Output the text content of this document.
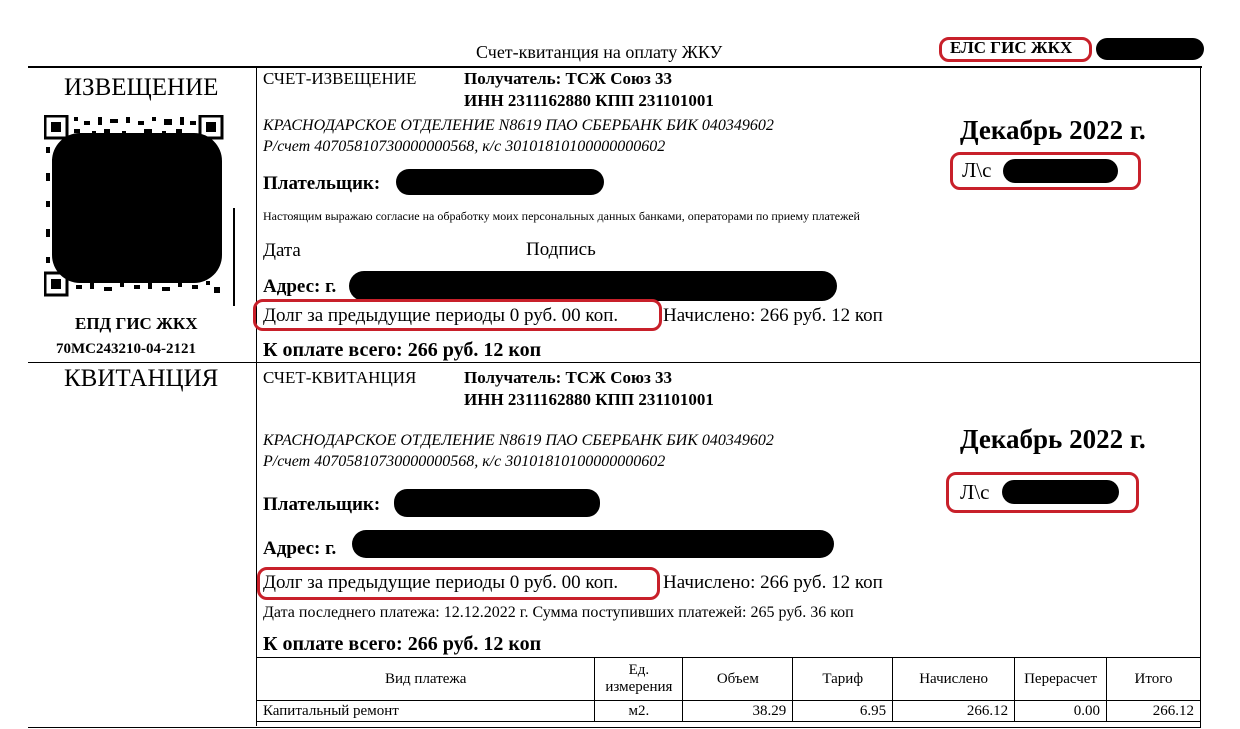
Счет-квитанция на оплату ЖКУ	ЕЛС ГИС ЖКХ
ИЗВЕЩЕНИЕ
ЕПД ГИС ЖКХ
70МС243210-04-2121
КВИТАНЦИЯ
СЧЕТ-ИЗВЕЩЕНИЕ	Получатель: ТСЖ Союз 33
ИНН 2311162880 КПП 231101001
КРАСНОДАРСКОЕ ОТДЕЛЕНИЕ N8619 ПАО СБЕРБАНК БИК 040349602
Р/счет 40705810730000000568, к/с 30101810100000000602
Декабрь 2022 г.
Л\с
Плательщик:
Настоящим выражаю согласие на обработку моих персональных данных банками, операторами по приему платежей
Дата	Подпись
Адрес: г.
Долг за предыдущие периоды 0 руб. 00 коп. Начислено: 266 руб. 12 коп
К оплате всего: 266 руб. 12 коп
СЧЕТ-КВИТАНЦИЯ	Получатель: ТСЖ Союз 33
ИНН 2311162880 КПП 231101001
КРАСНОДАРСКОЕ ОТДЕЛЕНИЕ N8619 ПАО СБЕРБАНК БИК 040349602
Р/счет 40705810730000000568, к/с 30101810100000000602
Декабрь 2022 г.
Л\с
Плательщик:
Адрес: г.
Долг за предыдущие периоды 0 руб. 00 коп. Начислено: 266 руб. 12 коп
Дата последнего платежа: 12.12.2022 г. Сумма поступивших платежей: 265 руб. 36 коп
К оплате всего: 266 руб. 12 коп
Вид платежа	Ед. измерения	Объем	Тариф	Начислено	Перерасчет	Итого
Капитальный ремонт	м2.	38.29	6.95	266.12	0.00	266.12
